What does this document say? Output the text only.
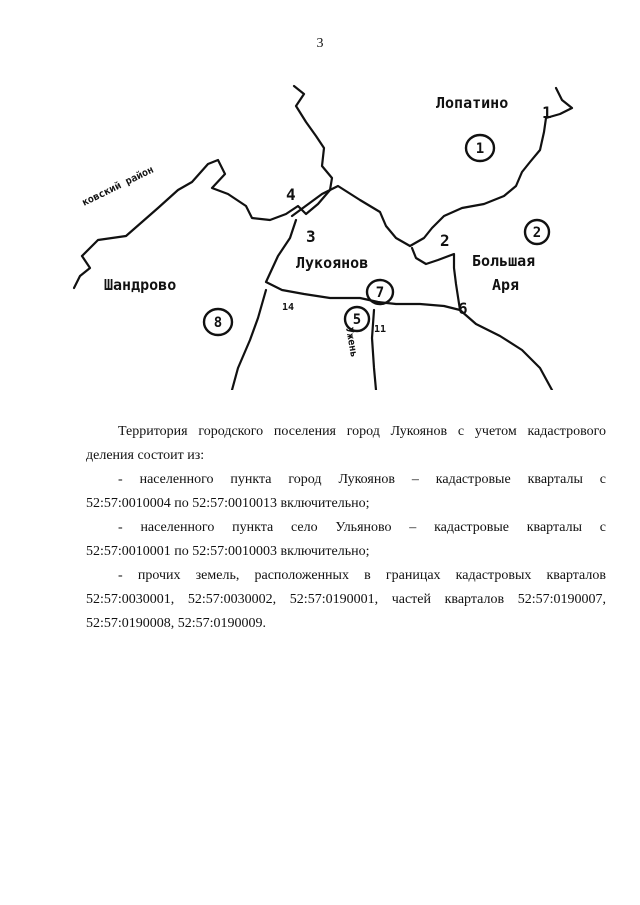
3
1
2
7
5
8
Лопатино
Лукоянов
Шандрово
Большая
Аря
Ужень
ковский район	4
3	2
6
14
11
1

Территория городского поселения город Лукоянов с учетом кадастрового

деления состоит из:

- населенного пункта город Лукоянов – кадастровые кварталы с

52:57:0010004 по 52:57:0010013 включительно;

- населенного пункта село Ульяново – кадастровые кварталы с

52:57:0010001 по 52:57:0010003 включительно;

- прочих земель, расположенных в границах кадастровых кварталов

52:57:0030001, 52:57:0030002, 52:57:0190001, частей кварталов 52:57:0190007,

52:57:0190008, 52:57:0190009.
